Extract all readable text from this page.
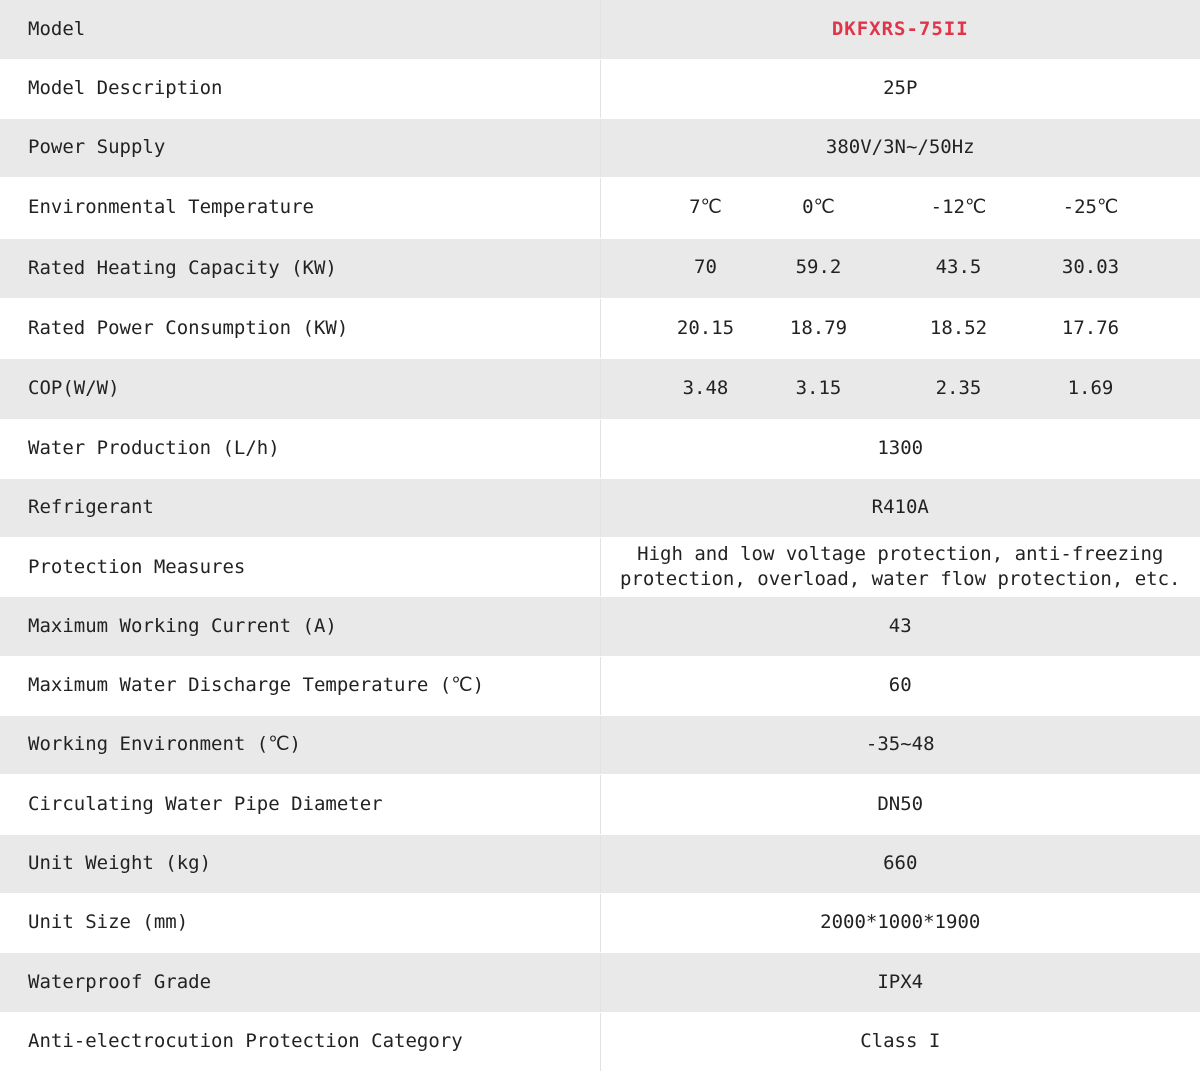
Model	DKFXRS-75II
Model Description	25P
Power Supply	380V/3N~/50Hz
Environmental Temperature	7℃ 0℃ -12℃ -25℃

Rated Heating Capacity (KW)	70 59.2 43.5 30.03

Rated Power Consumption (KW)	20.15 18.79 18.52 17.76

COP(W/W)	3.48 3.15 2.35 1.69

Water Production (L/h)	1300
Refrigerant	R410A
Protection Measures	High and low voltage protection, anti-freezing protection, overload, water flow protection, etc.
Maximum Working Current (A)	43
Maximum Water Discharge Temperature (℃)	60
Working Environment (℃)	-35~48
Circulating Water Pipe Diameter	DN50
Unit Weight (kg)	660
Unit Size (mm)	2000*1000*1900
Waterproof Grade	IPX4
Anti-electrocution Protection Category	Class I
